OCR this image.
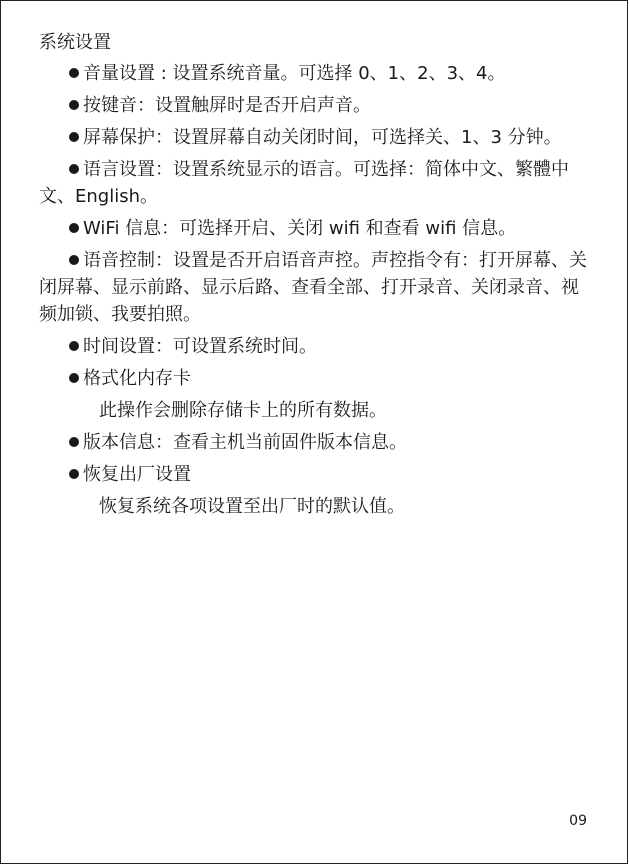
系统设置
音量设置 : 设置系统音量。可选择 0、1、2、3、4。
按键音：设置触屏时是否开启声音。
屏幕保护：设置屏幕自动关闭时间，可选择关、1、3 分钟。
语言设置：设置系统显示的语言。可选择：简体中文、繁體中文、English。
WiFi 信息：可选择开启、关闭 wifi 和查看 wifi 信息。
语音控制：设置是否开启语音声控。声控指令有：打开屏幕、关闭屏幕、显示前路、显示后路、查看全部、打开录音、关闭录音、视频加锁、我要拍照。
时间设置：可设置系统时间。
格式化内存卡
此操作会删除存储卡上的所有数据。
版本信息：查看主机当前固件版本信息。
恢复出厂设置
恢复系统各项设置至出厂时的默认值。
09
